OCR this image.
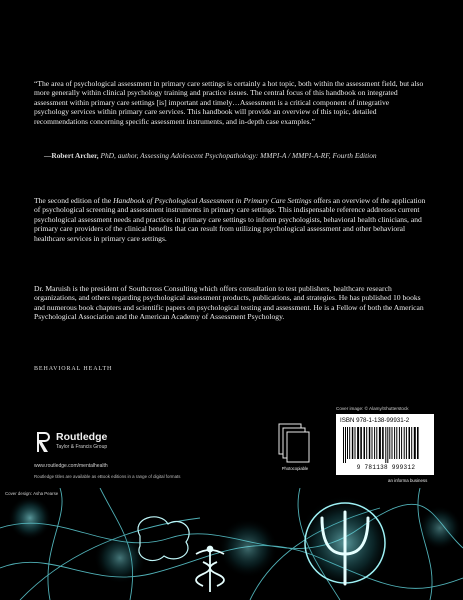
“The area of psychological assessment in primary care settings is certainly a hot topic, both within the assessment field, but also more generally within clinical psychology training and practice issues. The central focus of this handbook on integrated assessment within primary care settings [is] important and timely…Assessment is a critical component of integrative psychology services within primary care services. This handbook will provide an overview of this topic, detailed recommendations concerning specific assessment instruments, and in-depth case examples.”

—Robert Archer, PhD, author, Assessing Adolescent Psychopathology: MMPI-A / MMPI-A-RF, Fourth Edition

The second edition of the Handbook of Psychological Assessment in Primary Care Settings offers an overview of the application of psychological screening and assessment instruments in primary care settings. This indispensable reference addresses current psychological assessment needs and practices in primary care settings to inform psychologists, behavioral health clinicians, and primary care providers of the clinical benefits that can result from utilizing psychological assessment and other behavioral healthcare services in primary care settings.

Dr. Maruish is the president of Southcross Consulting which offers consultation to test publishers, healthcare research organizations, and others regarding psychological assessment products, publications, and strategies. He has published 10 books and numerous book chapters and scientific papers on psychological testing and assessment. He is a Fellow of both the American Psychological Association and the American Academy of Assessment Psychology.

BEHAVIORAL HEALTH
Routledge
Taylor & Francis Group
www.routledge.com/mentalhealth
Routledge titles are available as eBook editions in a range of digital formats
Photocopiable
Cover image: © Alamy/Shutterstock
ISBN 978-1-138-99931-2
9 781138 999312
an informa business
Cover design: Asha Pearse
